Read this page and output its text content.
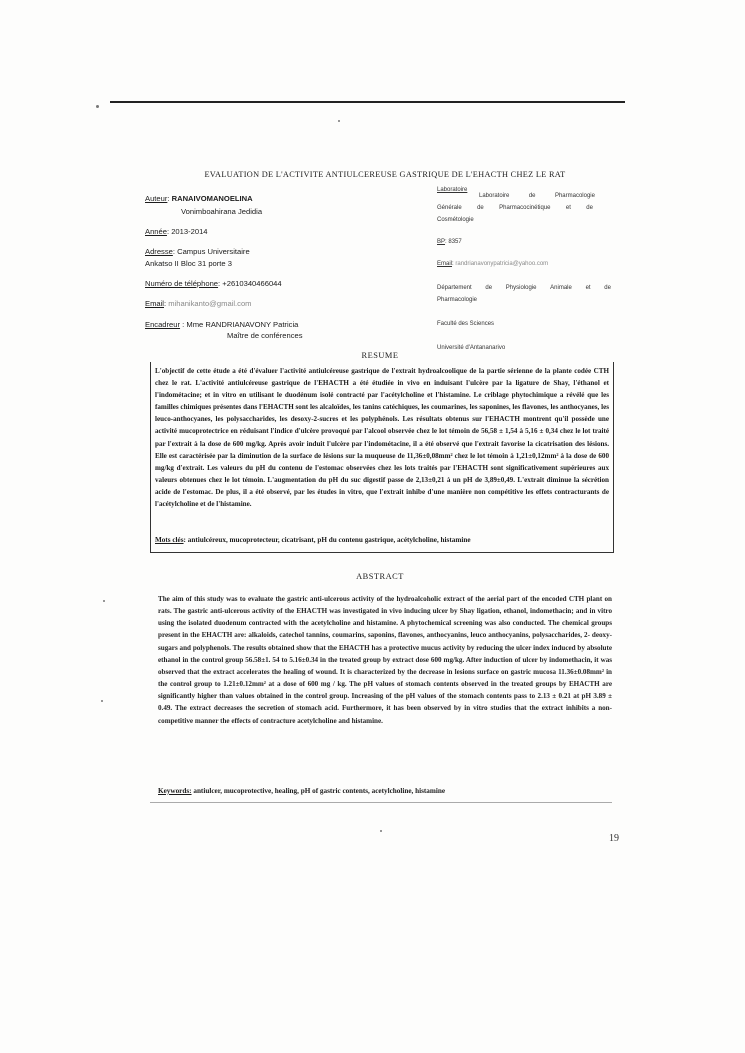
EVALUATION DE L'ACTIVITE ANTIULCEREUSE GASTRIQUE DE L'EHACTH CHEZ LE RAT
Auteur: RANAIVOMANOELINA
Vonimboahirana Jedidia
Année: 2013-2014
Adresse: Campus Universitaire
Ankatso II Bloc 31 porte 3
Numéro de téléphone: +2610340466044
Email: mihanikanto@gmail.com
Encadreur : Mme RANDRIANAVONY Patricia
Maître de conférences
Laboratoire
Laboratoire	de	Pharmacologie
Générale	de	Pharmacocinétique	et	de
Cosmétologie
BP: 8357
Email: randrianavonypatricia@yahoo.com
Département de Physiologie Animale et de
Pharmacologie
Faculté des Sciences
Université d'Antananarivo
RESUME
L'objectif de cette étude a été d'évaluer l'activité antiulcéreuse gastrique de l'extrait hydroalcoolique de la partie sérienne de la plante codée CTH chez le rat. L'activité antiulcéreuse gastrique de l'EHACTH a été étudiée in vivo en induisant l'ulcère par la ligature de Shay, l'éthanol et l'indométacine; et in vitro en utilisant le duodénum isolé contracté par l'acétylcholine et l'histamine. Le criblage phytochimique a révélé que les familles chimiques présentes dans l'EHACTH sont les alcaloïdes, les tanins catéchiques, les coumarines, les saponines, les flavones, les anthocyanes, les leuco-anthocyanes, les polysaccharides, les desoxy-2-sucres et les polyphénols. Les résultats obtenus sur l'EHACTH montrent qu'il possède une activité mucoprotectrice en réduisant l'indice d'ulcère provoqué par l'alcool observée chez le lot témoin de 56,58 ± 1,54 à 5,16 ± 0,34 chez le lot traité par l'extrait à la dose de 600 mg/kg. Après avoir induit l'ulcère par l'indométacine, il a été observé que l'extrait favorise la cicatrisation des lésions. Elle est caractérisée par la diminution de la surface de lésions sur la muqueuse de 11,36±0,08mm² chez le lot témoin à 1,21±0,12mm² à la dose de 600 mg/kg d'extrait. Les valeurs du pH du contenu de l'estomac observées chez les lots traités par l'EHACTH sont significativement supérieures aux valeurs obtenues chez le lot témoin. L'augmentation du pH du suc digestif passe de 2,13±0,21 à un pH de 3,89±0,49. L'extrait diminue la sécrétion acide de l'estomac. De plus, il a été observé, par les études in vitro, que l'extrait inhibe d'une manière non compétitive les effets contracturants de l'acétylcholine et de l'histamine.
Mots clés: antiulcéreux, mucoprotecteur, cicatrisant, pH du contenu gastrique, acétylcholine, histamine
ABSTRACT
The aim of this study was to evaluate the gastric anti-ulcerous activity of the hydroalcoholic extract of the aerial part of the encoded CTH plant on rats. The gastric anti-ulcerous activity of the EHACTH was investigated in vivo inducing ulcer by Shay ligation, ethanol, indomethacin; and in vitro using the isolated duodenum contracted with the acetylcholine and histamine. A phytochemical screening was also conducted. The chemical groups present in the EHACTH are: alkaloids, catechol tannins, coumarins, saponins, flavones, anthocyanins, leuco anthocyanins, polysaccharides, 2- deoxy- sugars and polyphenols. The results obtained show that the EHACTH has a protective mucus activity by reducing the ulcer index induced by absolute ethanol in the control group 56.58±1. 54 to 5.16±0.34 in the treated group by extract dose 600 mg/kg. After induction of ulcer by indomethacin, it was observed that the extract accelerates the healing of wound. It is characterized by the decrease in lesions surface on gastric mucosa 11.36±0.08mm² in the control group to 1.21±0.12mm² at a dose of 600 mg / kg. The pH values of stomach contents observed in the treated groups by EHACTH are significantly higher than values obtained in the control group. Increasing of the pH values of the stomach contents pass to 2.13 ± 0.21 at pH 3.89 ± 0.49. The extract decreases the secretion of stomach acid. Furthermore, it has been observed by in vitro studies that the extract inhibits a non- competitive manner the effects of contracture acetylcholine and histamine.
Keywords: antiulcer, mucoprotective, healing, pH of gastric contents, acetylcholine, histamine
19
